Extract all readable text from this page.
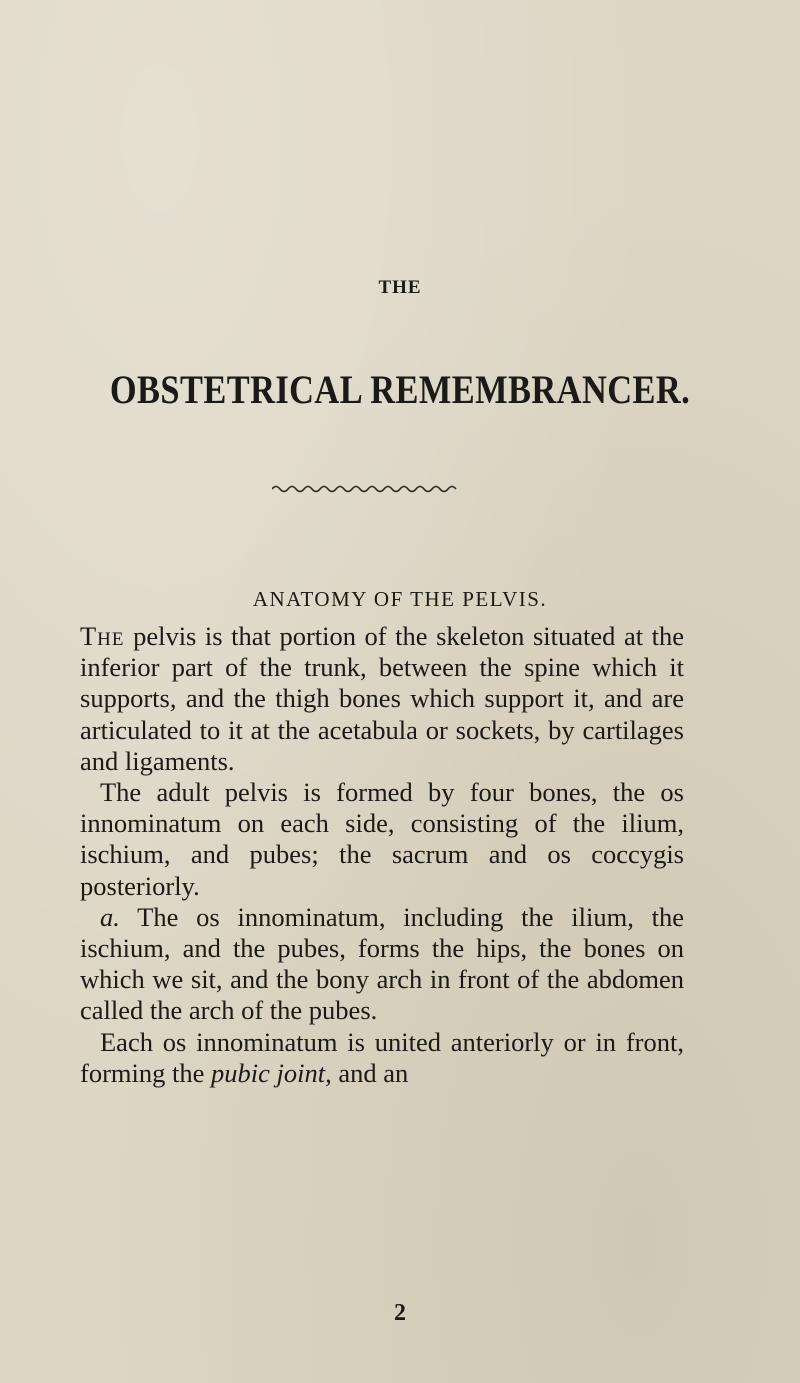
THE
OBSTETRICAL REMEMBRANCER.
ANATOMY OF THE PELVIS.

The pelvis is that portion of the skeleton situated at the inferior part of the trunk, between the spine which it supports, and the thigh bones which support it, and are articulated to it at the acetabula or sockets, by cartilages and ligaments.

The adult pelvis is formed by four bones, the os innominatum on each side, consisting of the ilium, ischium, and pubes; the sacrum and os coccygis posteriorly.

a. The os innominatum, including the ilium, the ischium, and the pubes, forms the hips, the bones on which we sit, and the bony arch in front of the abdomen called the arch of the pubes.

Each os innominatum is united anteriorly or in front, forming the pubic joint, and an

2
